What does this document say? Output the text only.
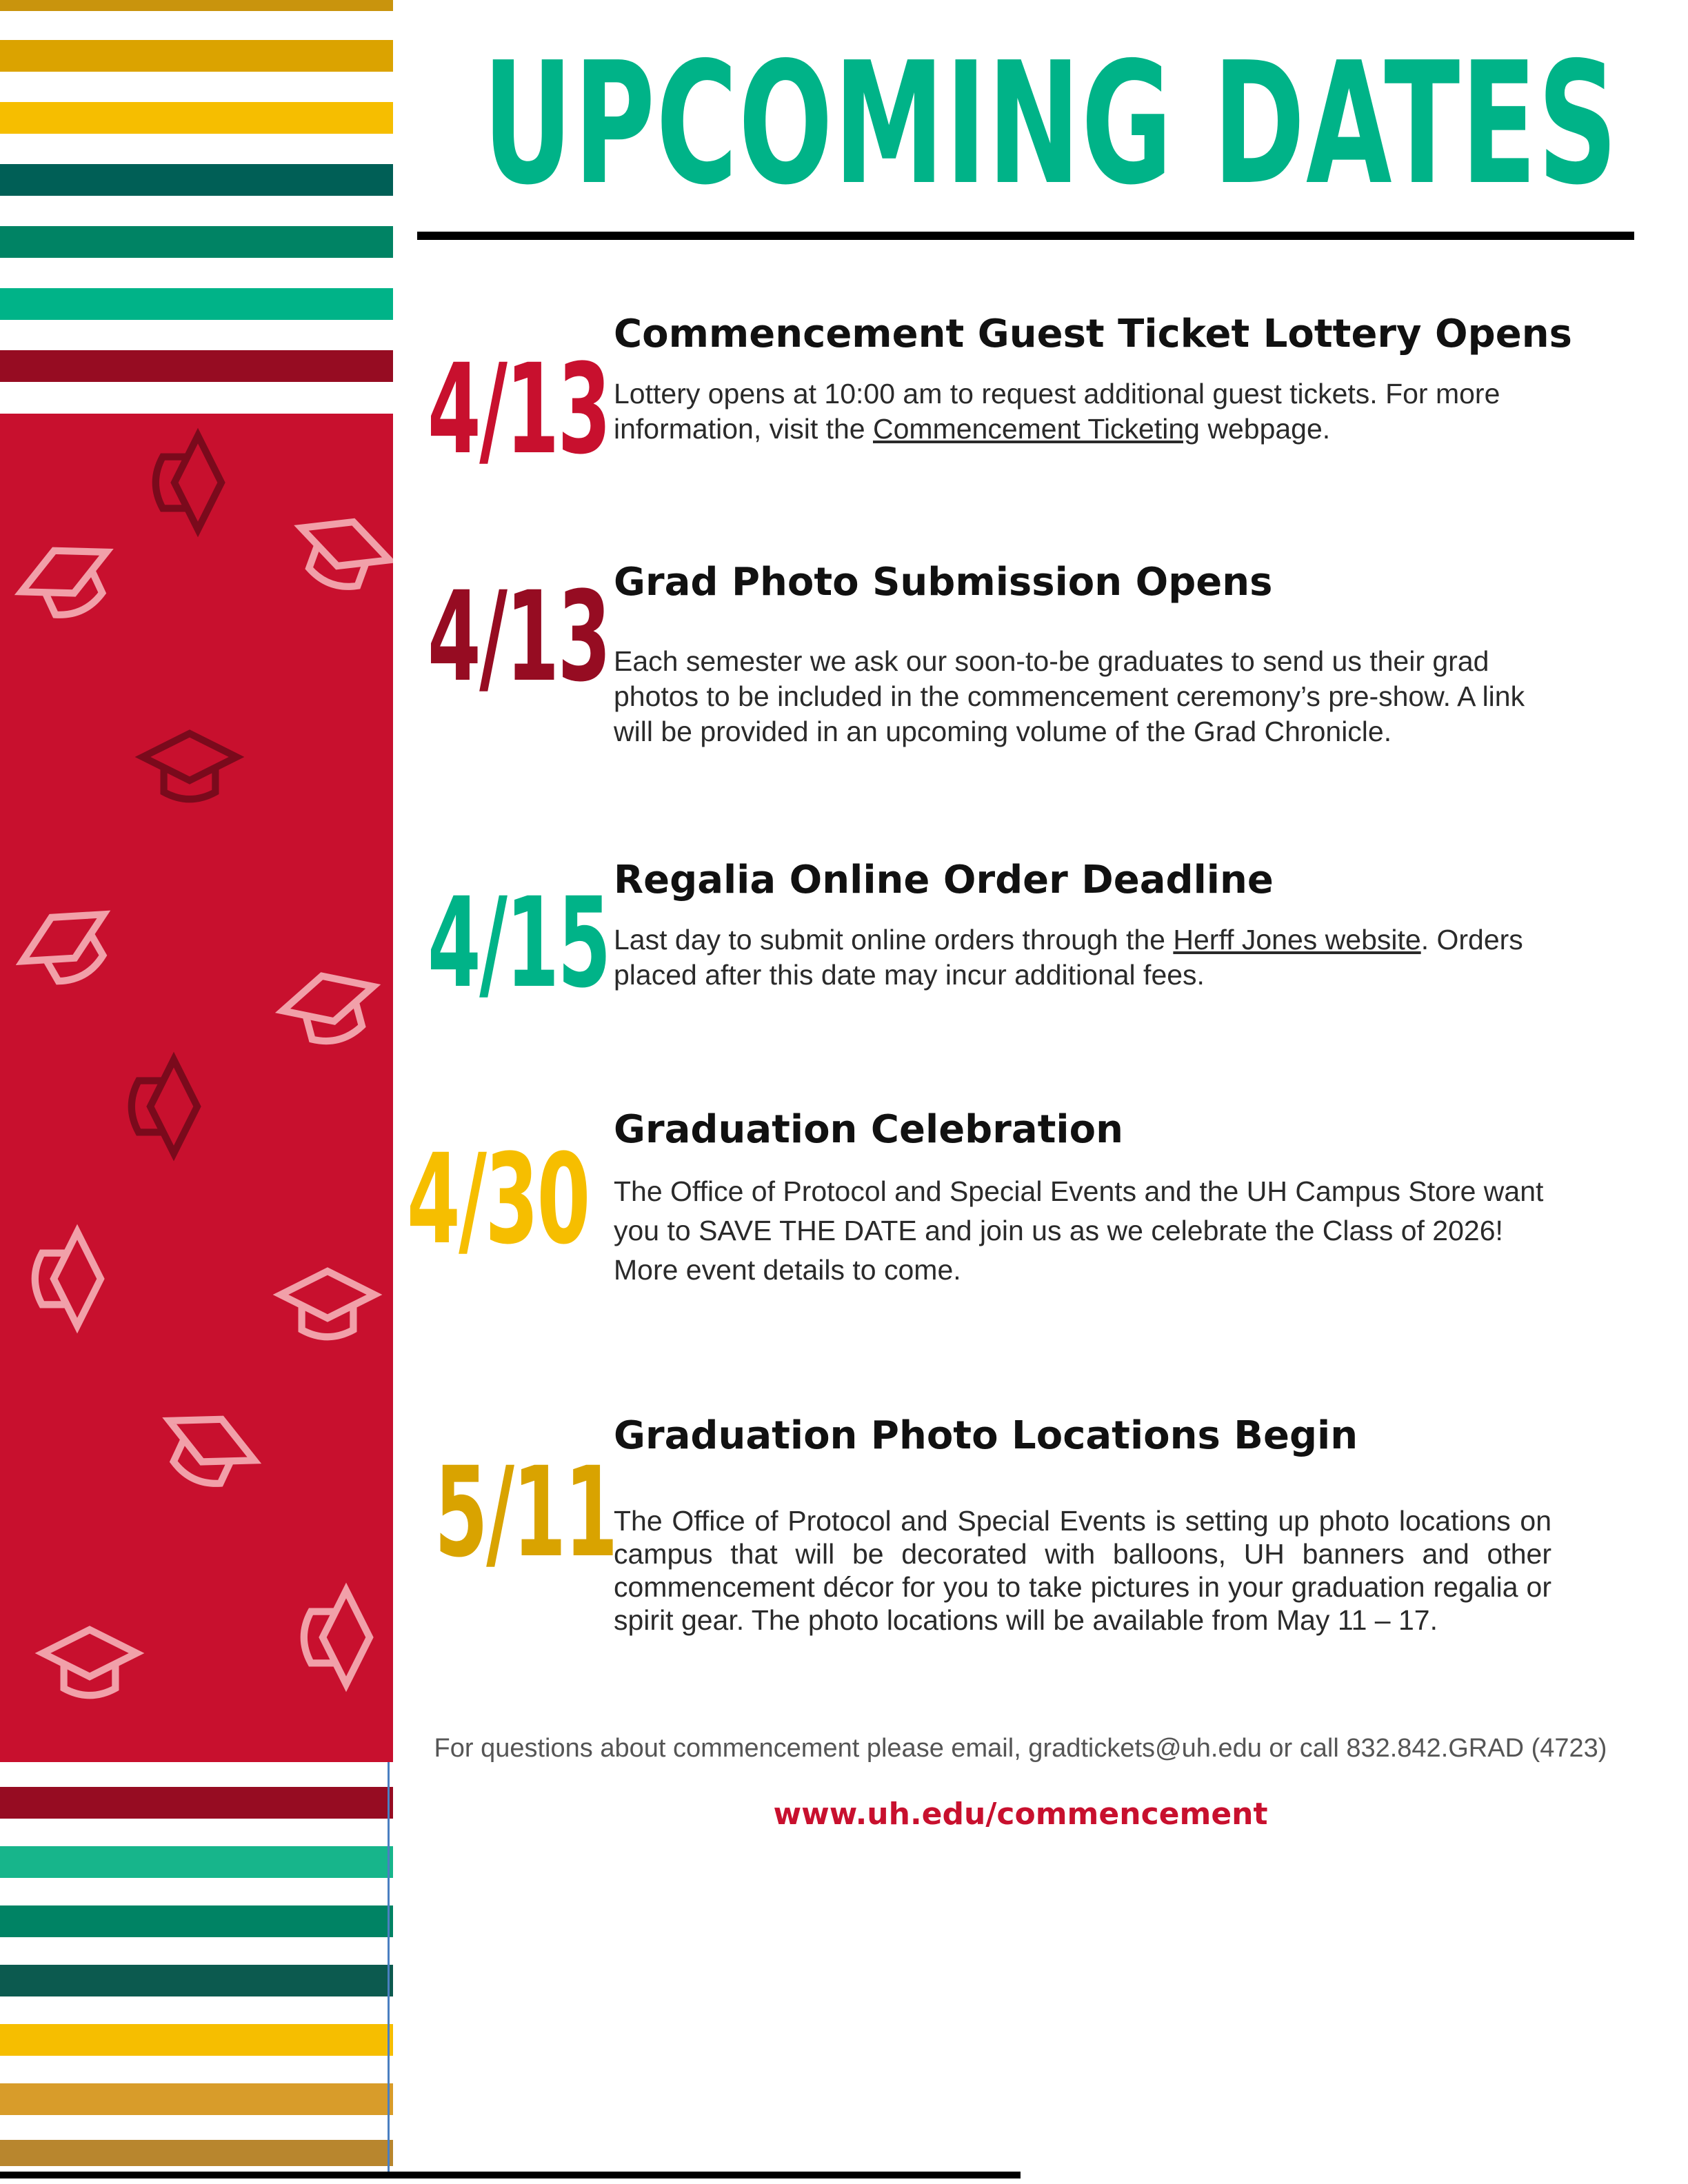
UPCOMING DATES
4/13
Commencement Guest Ticket Lottery Opens
Lottery opens at 10:00 am to request additional guest tickets. For more information, visit the Commencement Ticketing webpage.
4/13 Grad Photo Submission Opens
Each semester we ask our soon-to-be graduates to send us their grad photos to be included in the commencement ceremony’s pre-show. A link will be provided in an upcoming volume of the Grad Chronicle.
4/15 Regalia Online Order Deadline
Last day to submit online orders through the Herff Jones website. Orders placed after this date may incur additional fees.
4/30 Graduation Celebration
The Office of Protocol and Special Events and the UH Campus Store want you to SAVE THE DATE and join us as we celebrate the Class of 2026! More event details to come.
5/11
Graduation Photo Locations Begin
The Office of Protocol and Special Events is setting up photo locations on campus that will be decorated with balloons, UH banners and other commencement décor for you to take pictures in your graduation regalia or spirit gear. The photo locations will be available from May 11 – 17.
For questions about commencement please email, gradtickets@uh.edu or call 832.842.GRAD (4723)
www.uh.edu/commencement
